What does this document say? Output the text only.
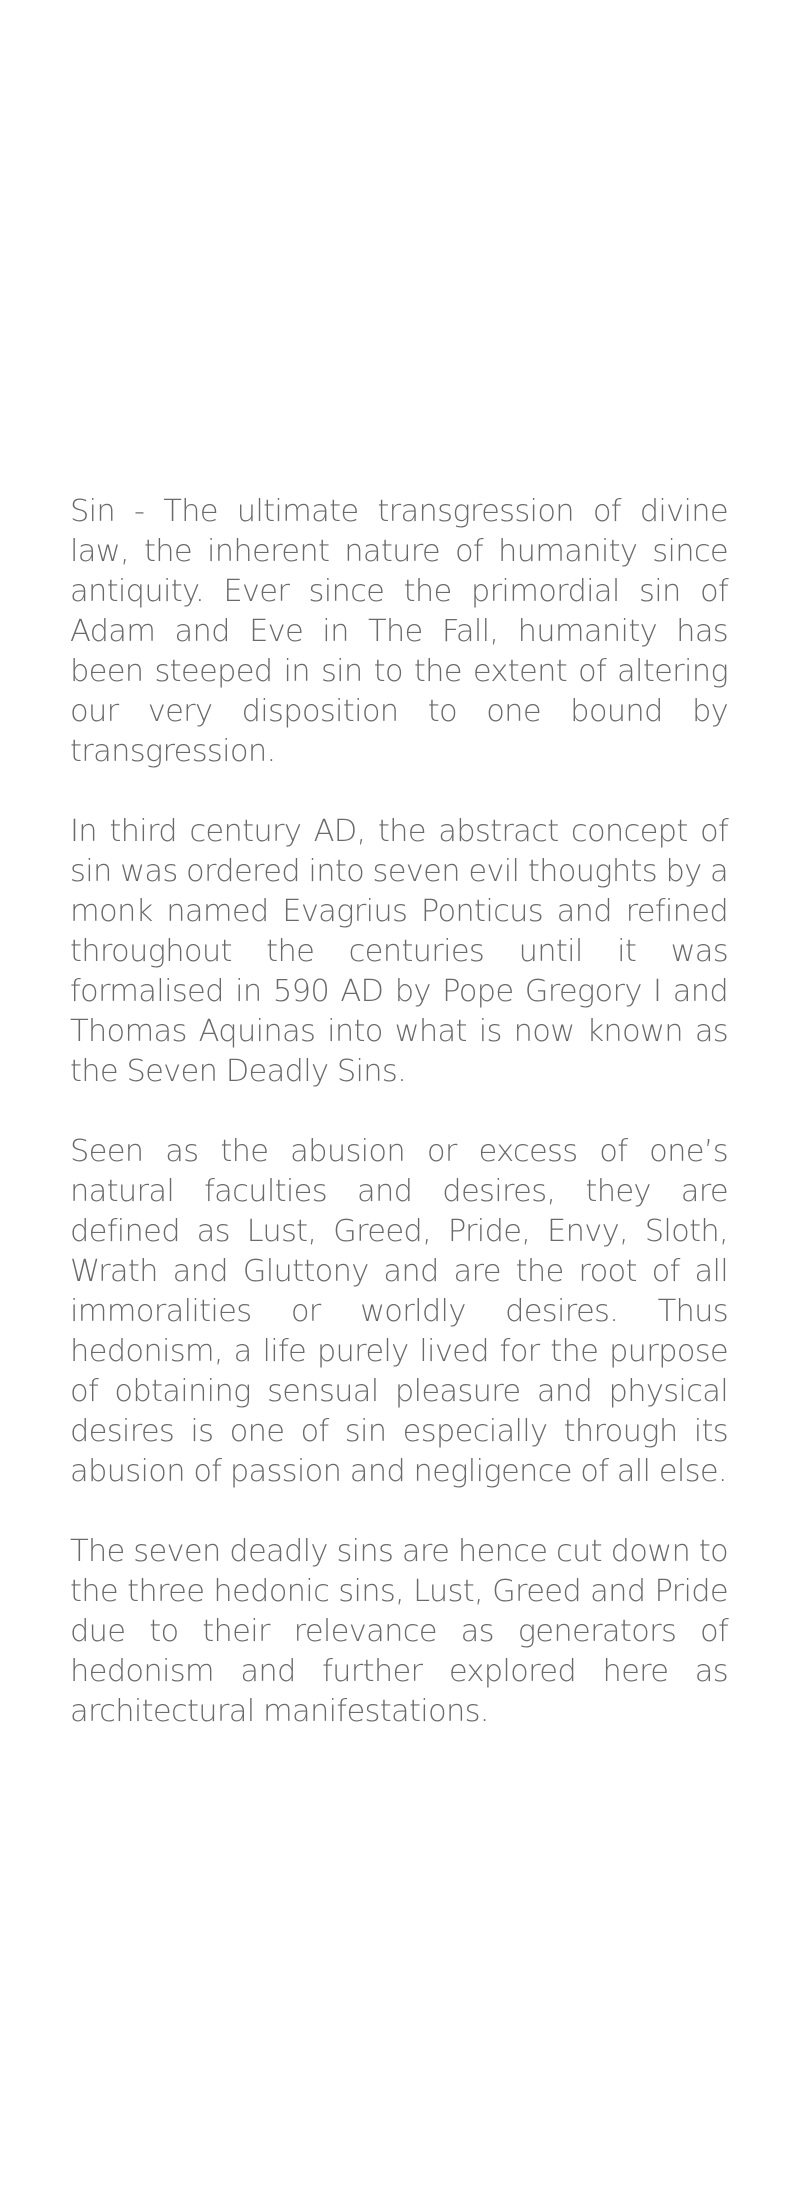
Sin - The ultimate transgression of divine law, the inherent nature of humanity since antiquity. Ever since the primordial sin of Adam and Eve in The Fall, humanity has been steeped in sin to the extent of altering our very disposition to one bound by transgression.

In third century AD, the abstract concept of sin was ordered into seven evil thoughts by a monk named Evagrius Ponticus and refined throughout the centuries until it was formalised in 590 AD by Pope Gregory I and Thomas Aquinas into what is now known as the Seven Deadly Sins.

Seen as the abusion or excess of one’s natural faculties and desires, they are defined as Lust, Greed, Pride, Envy, Sloth, Wrath and Gluttony and are the root of all immoralities or worldly desires. Thus hedonism, a life purely lived for the purpose of obtaining sensual pleasure and physical desires is one of sin especially through its abusion of passion and negligence of all else.

The seven deadly sins are hence cut down to the three hedonic sins, Lust, Greed and Pride due to their relevance as generators of hedonism and further explored here as architectural manifestations.
